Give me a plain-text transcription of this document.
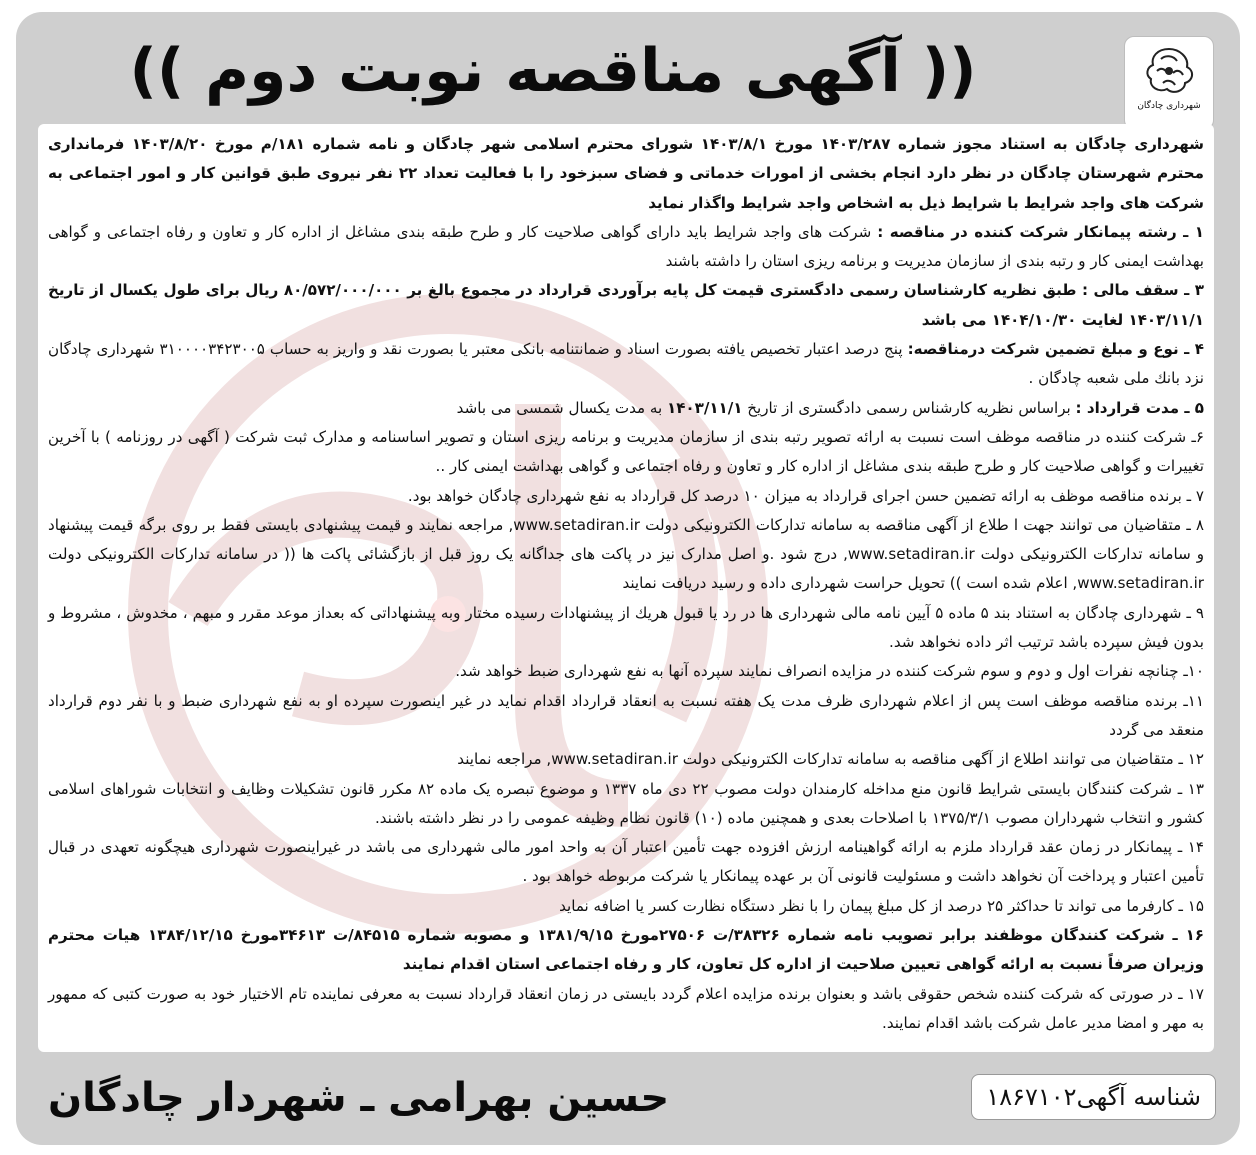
(( آگهی مناقصه نوبت دوم ))	شهرداری چادگان

شهرداری چادگان به استناد مجوز شماره ۱۴۰۳/۲۸۷ مورخ ۱۴۰۳/۸/۱ شورای محترم اسلامی شهر چادگان و نامه شماره ۱۸۱/م مورخ ۱۴۰۳/۸/۲۰ فرمانداری محترم شهرستان چادگان در نظر دارد انجام بخشی از امورات خدماتی و فضای سبزخود را با فعالیت تعداد ۲۲ نفر نیروی طبق قوانین کار و امور اجتماعی به شرکت های واجد شرایط با شرایط ذیل به اشخاص واجد شرایط واگذار نماید

۱ ـ رشته پیمانکار شرکت کننده در مناقصه : شرکت های واجد شرایط باید دارای گواهی صلاحیت کار و طرح طبقه بندی مشاغل از اداره کار و تعاون و رفاه اجتماعی و گواهی بهداشت ایمنی کار و رتبه بندی از سازمان مدیریت و برنامه ریزی استان را داشته باشند

۳ ـ سقف مالی : طبق نظریه کارشناسان رسمی دادگستری قیمت کل پایه برآوردی قرارداد در مجموع بالغ بر ۸۰/۵۷۲/۰۰۰/۰۰۰ ریال برای طول یکسال از تاریخ ۱۴۰۳/۱۱/۱ لغایت ۱۴۰۴/۱۰/۳۰ می باشد

۴ ـ نوع و مبلغ تضمین شرکت درمناقصه: پنج درصد اعتبار تخصیص یافته بصورت اسناد و ضمانتنامه بانکی معتبر یا بصورت نقد و واریز به حساب ۳۱۰۰۰۰۳۴۲۳۰۰۵ شهرداری چادگان نزد بانك ملی شعبه چادگان .

۵ ـ مدت قرارداد : براساس نظریه کارشناس رسمی دادگستری از تاریخ ۱۴۰۳/۱۱/۱ به مدت یکسال شمسی می باشد

۶ـ شرکت کننده در مناقصه موظف است نسبت به ارائه تصویر رتبه بندی از سازمان مدیریت و برنامه ریزی استان و تصویر اساسنامه و مدارک ثبت شرکت ( آگهی در روزنامه ) با آخرین تغییرات و گواهی صلاحیت کار و طرح طبقه بندی مشاغل از اداره کار و تعاون و رفاه اجتماعی و گواهی بهداشت ایمنی کار ..

۷ ـ برنده مناقصه موظف به ارائه تضمین حسن اجرای قرارداد به میزان ۱۰ درصد کل قرارداد به نفع شهرداری چادگان خواهد بود.

۸ ـ متقاضیان می توانند جهت ا طلاع از آگهی مناقصه به سامانه تدارکات الکترونیکی دولت www.setadiran.ir, مراجعه نمایند و قیمت پیشنهادی بایستی فقط بر روی برگه قیمت پیشنهاد و سامانه تدارکات الکترونیکی دولت www.setadiran.ir, درج شود .و اصل مدارک نیز در پاکت های جداگانه یک روز قبل از بازگشائی پاکت ها (( در سامانه تدارکات الکترونیکی دولت www.setadiran.ir, اعلام شده است )) تحویل حراست شهرداری داده و رسید دریافت نمایند

۹ ـ شهرداری چادگان به استناد بند ۵ ماده ۵ آیین نامه مالی شهرداری ها در رد یا قبول هریك از پیشنهادات رسیده مختار وبه پیشنهاداتی که بعداز موعد مقرر و مبهم ، مخدوش ، مشروط و بدون فیش سپرده باشد ترتیب اثر داده نخواهد شد.

۱۰ـ چنانچه نفرات اول و دوم و سوم شرکت کننده در مزایده انصراف نمایند سپرده آنها به نفع شهرداری ضبط خواهد شد.

۱۱ـ برنده مناقصه موظف است پس از اعلام شهرداری ظرف مدت یک هفته نسبت به انعقاد قرارداد اقدام نماید در غیر اینصورت سپرده او به نفع شهرداری ضبط و با نفر دوم قرارداد منعقد می گردد

۱۲ ـ متقاضیان می توانند اطلاع از آگهی مناقصه به سامانه تدارکات الکترونیکی دولت www.setadiran.ir, مراجعه نمایند

۱۳ ـ شرکت کنندگان بایستی شرایط قانون منع مداخله کارمندان دولت مصوب ۲۲ دی ماه ۱۳۳۷ و موضوع تبصره یک ماده ۸۲ مکرر قانون تشکیلات وظایف و انتخابات شوراهای اسلامی کشور و انتخاب شهرداران مصوب ۱۳۷۵/۳/۱ با اصلاحات بعدی و همچنین ماده (۱۰) قانون نظام وظیفه عمومی را در نظر داشته باشند.

۱۴ ـ پیمانکار در زمان عقد قرارداد ملزم به ارائه گواهینامه ارزش افزوده جهت تأمین اعتبار آن به واحد امور مالی شهرداری می باشد در غیراینصورت شهرداری هیچگونه تعهدی در قبال تأمین اعتبار و پرداخت آن نخواهد داشت و مسئولیت قانونی آن بر عهده پیمانکار یا شرکت مربوطه خواهد بود .

۱۵ ـ کارفرما می تواند تا حداکثر ۲۵ درصد از کل مبلغ پیمان را با نظر دستگاه نظارت کسر یا اضافه نماید

۱۶ ـ شرکت کنندگان موظفند برابر تصویب نامه شماره ۳۸۳۲۶/ت ۲۷۵۰۶مورخ ۱۳۸۱/۹/۱۵ و مصوبه شماره ۸۴۵۱۵/ت ۳۴۶۱۳مورخ ۱۳۸۴/۱۲/۱۵ هیات محترم وزیران صرفاً نسبت به ارائه گواهی تعیین صلاحیت از اداره کل تعاون، کار و رفاه اجتماعی استان اقدام نمایند

۱۷ ـ در صورتی که شرکت کننده شخص حقوقی باشد و بعنوان برنده مزایده اعلام گردد بایستی در زمان انعقاد قرارداد نسبت به معرفی نماینده تام الاختیار خود به صورت کتبی که ممهور به مهر و امضا مدیر عامل شرکت باشد اقدام نمایند.

حسین بهرامی ـ شهردار چادگان	شناسه آگهی۱۸۶۷۱۰۲
